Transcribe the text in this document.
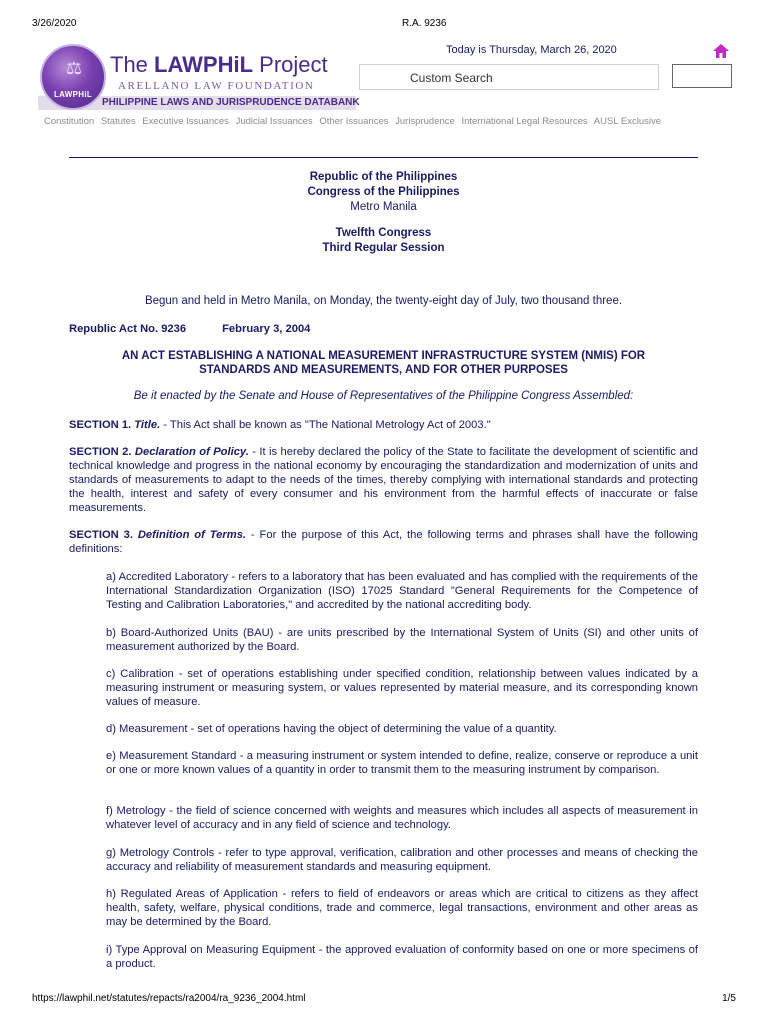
3/26/2020	R.A. 9236
⚖
LAWPHiL
The LAWPHiL Project
ARELLANO LAW FOUNDATION
PHILIPPINE LAWS AND JURISPRUDENCE DATABANK
Today is Thursday, March 26, 2020
Custom Search
Constitution Statutes Executive Issuances Judicial Issuances Other Issuances Jurisprudence International Legal Resources AUSL Exclusive
Republic of the Philippines
Congress of the Philippines
Metro Manila
Twelfth Congress
Third Regular Session
Begun and held in Metro Manila, on Monday, the twenty-eight day of July, two thousand three.
Republic Act No. 9236	February 3, 2004
AN ACT ESTABLISHING A NATIONAL MEASUREMENT INFRASTRUCTURE SYSTEM (NMIS) FOR STANDARDS AND MEASUREMENTS, AND FOR OTHER PURPOSES
Be it enacted by the Senate and House of Representatives of the Philippine Congress Assembled:
SECTION 1. Title. - This Act shall be known as "The National Metrology Act of 2003."
SECTION 2. Declaration of Policy. - It is hereby declared the policy of the State to facilitate the development of scientific and technical knowledge and progress in the national economy by encouraging the standardization and modernization of units and standards of measurements to adapt to the needs of the times, thereby complying with international standards and protecting the health, interest and safety of every consumer and his environment from the harmful effects of inaccurate or false measurements.
SECTION 3. Definition of Terms. - For the purpose of this Act, the following terms and phrases shall have the following definitions:
a) Accredited Laboratory - refers to a laboratory that has been evaluated and has complied with the requirements of the International Standardization Organization (ISO) 17025 Standard "General Requirements for the Competence of Testing and Calibration Laboratories," and accredited by the national accrediting body.
b) Board-Authorized Units (BAU) - are units prescribed by the International System of Units (SI) and other units of measurement authorized by the Board.
c) Calibration - set of operations establishing under specified condition, relationship between values indicated by a measuring instrument or measuring system, or values represented by material measure, and its corresponding known values of measure.
d) Measurement - set of operations having the object of determining the value of a quantity.
e) Measurement Standard - a measuring instrument or system intended to define, realize, conserve or reproduce a unit or one or more known values of a quantity in order to transmit them to the measuring instrument by comparison.
f) Metrology - the field of science concerned with weights and measures which includes all aspects of measurement in whatever level of accuracy and in any field of science and technology.
g) Metrology Controls - refer to type approval, verification, calibration and other processes and means of checking the accuracy and reliability of measurement standards and measuring equipment.
h) Regulated Areas of Application - refers to field of endeavors or areas which are critical to citizens as they affect health, safety, welfare, physical conditions, trade and commerce, legal transactions, environment and other areas as may be determined by the Board.
i) Type Approval on Measuring Equipment - the approved evaluation of conformity based on one or more specimens of a product.
https://lawphil.net/statutes/repacts/ra2004/ra_9236_2004.html	1/5
